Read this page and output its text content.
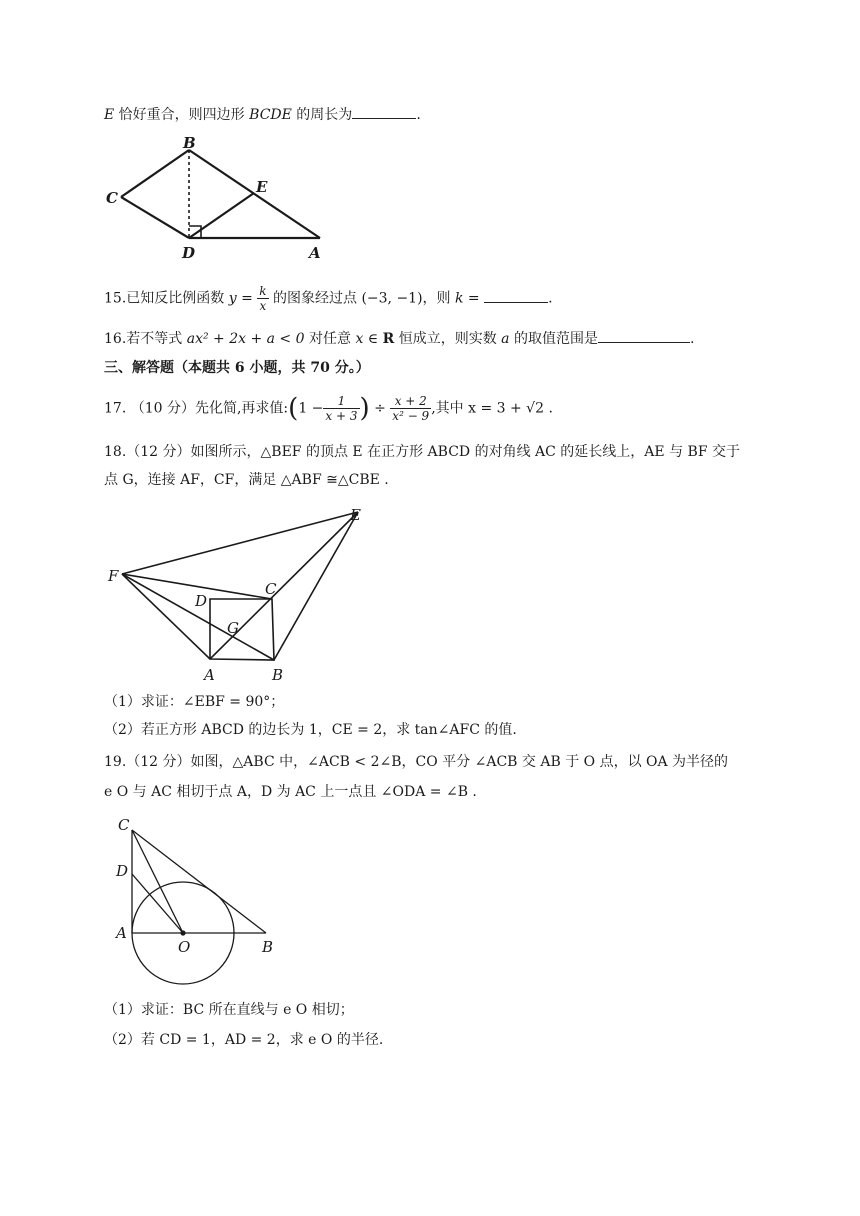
E 恰好重合，则四边形 BCDE 的周长为	.
B
C
E
D	A
15.已知反比例函数 $y = \frac{k}{x}$ 的图象经过点 (−3, −1)，则 k =	.
16.若不等式 ax² + 2x + a < 0 对任意 x ∈ R 恒成立，则实数 a 的取值范围是	.
三、解答题（本题共 6 小题，共 70 分。）
17. （10 分）先化简,再求值:(1 − $\frac{1}{x + 3}$ ) ÷ $\frac{x + 2}{\text{x² − 9}}$ ,其中 x = 3 + √2 .
18.（12 分）如图所示，△BEF 的顶点 E 在正方形 ABCD 的对角线 AC 的延长线上，AE 与 BF 交于
点 G，连接 AF，CF，满足 △ABF ≅△CBE .
E
F
C
D
G
A	B
（1）求证：∠EBF = 90°；
（2）若正方形 ABCD 的边长为 1，CE = 2，求 tan∠AFC 的值.
19.（12 分）如图，△ABC 中，∠ACB < 2∠B，CO 平分 ∠ACB 交 AB 于 O 点，以 OA 为半径的
e O 与 AC 相切于点 A，D 为 AC 上一点且 ∠ODA = ∠B .
C
D
A
O	B
（1）求证：BC 所在直线与 e O 相切；
（2）若 CD = 1，AD = 2，求 e O 的半径.
